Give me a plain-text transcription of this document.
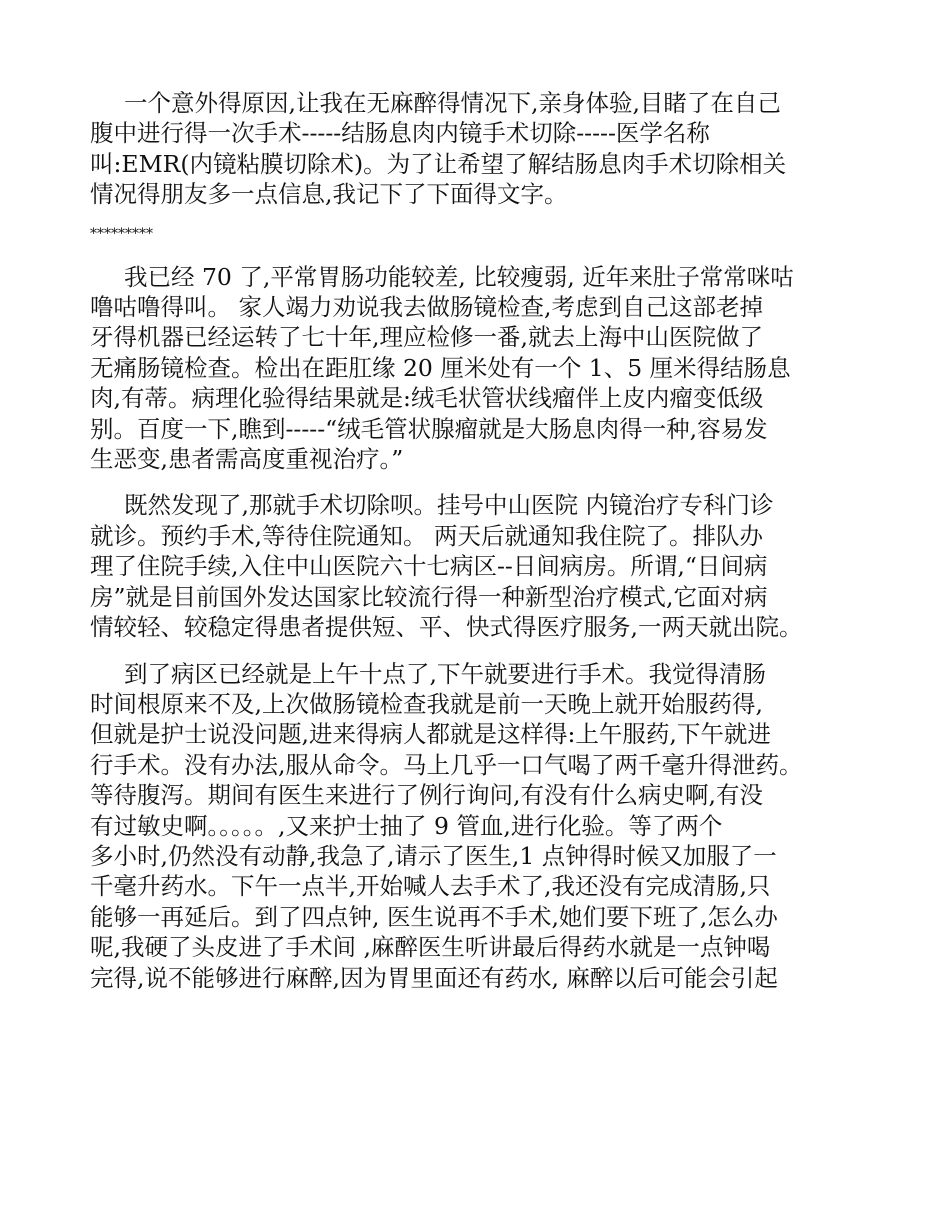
一个意外得原因,让我在无麻醉得情况下,亲身体验,目睹了在自己
腹中进行得一次手术-----结肠息肉内镜手术切除-----医学名称
叫:EMR(内镜粘膜切除术)。为了让希望了解结肠息肉手术切除相关
情况得朋友多一点信息,我记下了下面得文字。

*********

我已经 70 了,平常胃肠功能较差, 比较瘦弱, 近年来肚子常常咪咕
噜咕噜得叫。 家人竭力劝说我去做肠镜检查,考虑到自己这部老掉
牙得机器已经运转了七十年,理应检修一番,就去上海中山医院做了
无痛肠镜检查。检出在距肛缘 20 厘米处有一个 1、5 厘米得结肠息
肉,有蒂。病理化验得结果就是:绒毛状管状线瘤伴上皮内瘤变低级
别。百度一下,瞧到-----“绒毛管状腺瘤就是大肠息肉得一种,容易发
生恶变,患者需高度重视治疗。”

既然发现了,那就手术切除呗。挂号中山医院 内镜治疗专科门诊
就诊。预约手术,等待住院通知。 两天后就通知我住院了。排队办
理了住院手续,入住中山医院六十七病区--日间病房。所谓,“日间病
房”就是目前国外发达国家比较流行得一种新型治疗模式,它面对病
情较轻、较稳定得患者提供短、平、快式得医疗服务,一两天就出院。

到了病区已经就是上午十点了,下午就要进行手术。我觉得清肠
时间根原来不及,上次做肠镜检查我就是前一天晚上就开始服药得,
但就是护士说没问题,进来得病人都就是这样得:上午服药,下午就进
行手术。没有办法,服从命令。马上几乎一口气喝了两千毫升得泄药。
等待腹泻。期间有医生来进行了例行询问,有没有什么病史啊,有没
有过敏史啊。。。。。,又来护士抽了 9 管血,进行化验。等了两个
多小时,仍然没有动静,我急了,请示了医生,1 点钟得时候又加服了一
千毫升药水。下午一点半,开始喊人去手术了,我还没有完成清肠,只
能够一再延后。到了四点钟, 医生说再不手术,她们要下班了,怎么办
呢,我硬了头皮进了手术间 ,麻醉医生听讲最后得药水就是一点钟喝
完得,说不能够进行麻醉,因为胃里面还有药水, 麻醉以后可能会引起
